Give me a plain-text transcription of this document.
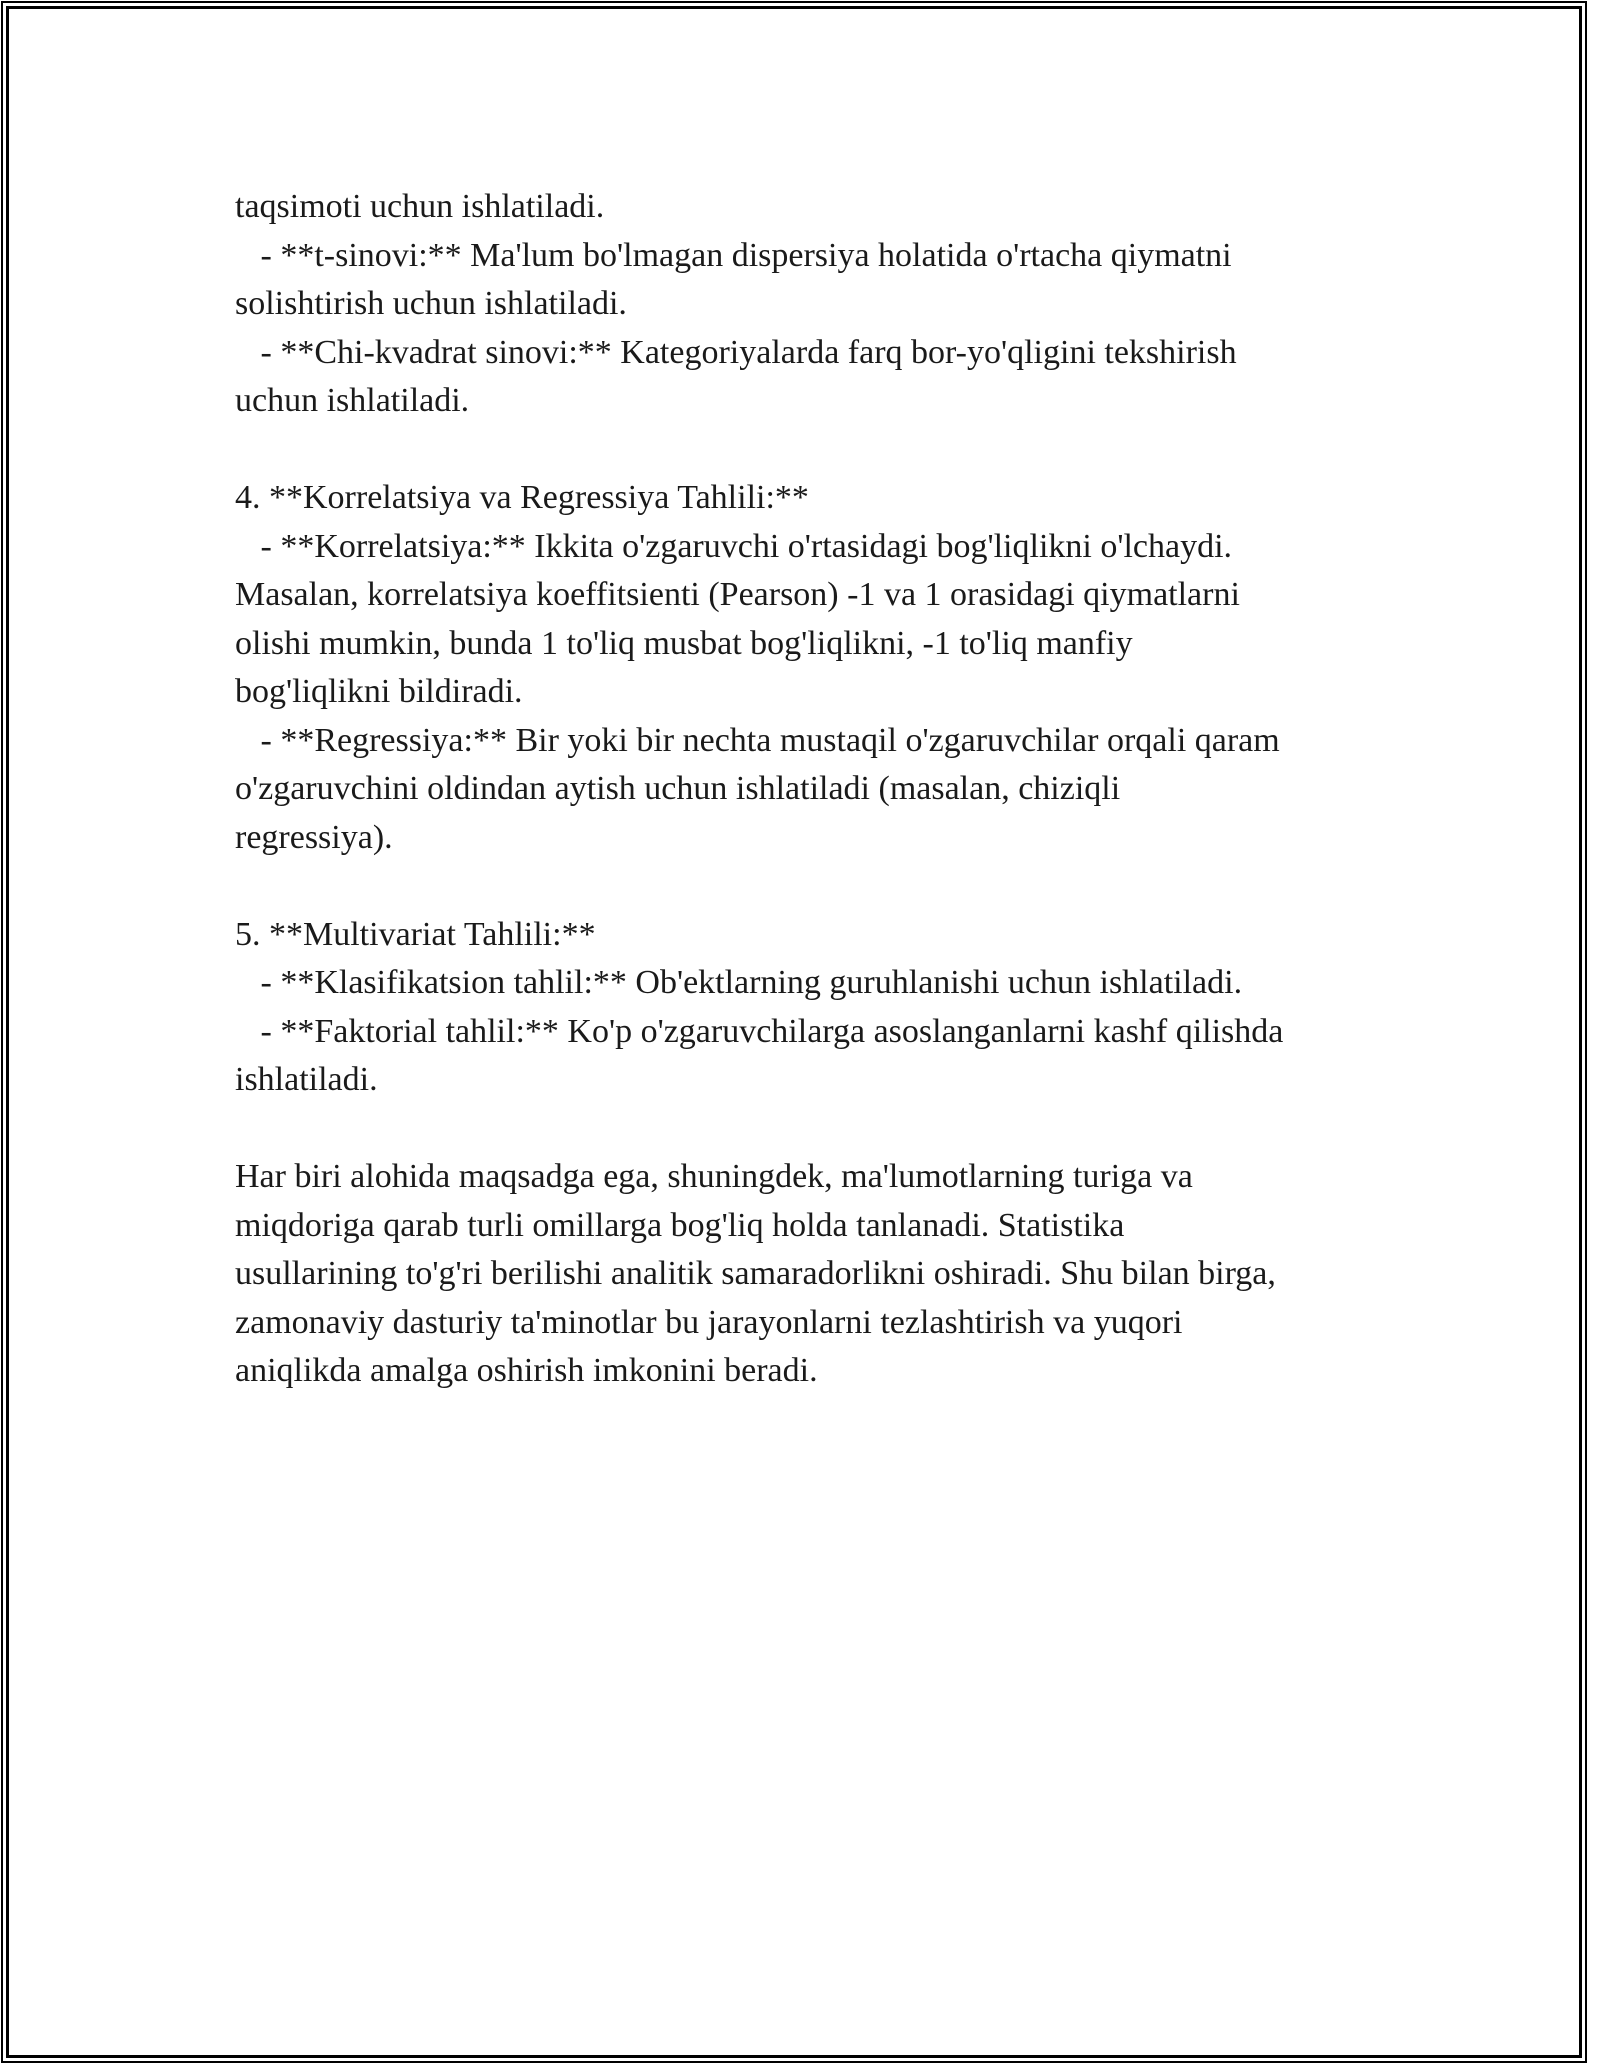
taqsimoti uchun ishlatiladi.
- **t-sinovi:** Ma'lum bo'lmagan dispersiya holatida o'rtacha qiymatni
solishtirish uchun ishlatiladi.
- **Chi-kvadrat sinovi:** Kategoriyalarda farq bor-yo'qligini tekshirish
uchun ishlatiladi.
4. **Korrelatsiya va Regressiya Tahlili:**
- **Korrelatsiya:** Ikkita o'zgaruvchi o'rtasidagi bog'liqlikni o'lchaydi.
Masalan, korrelatsiya koeffitsienti (Pearson) -1 va 1 orasidagi qiymatlarni
olishi mumkin, bunda 1 to'liq musbat bog'liqlikni, -1 to'liq manfiy
bog'liqlikni bildiradi.
- **Regressiya:** Bir yoki bir nechta mustaqil o'zgaruvchilar orqali qaram
o'zgaruvchini oldindan aytish uchun ishlatiladi (masalan, chiziqli
regressiya).
5. **Multivariat Tahlili:**
- **Klasifikatsion tahlil:** Ob'ektlarning guruhlanishi uchun ishlatiladi.
- **Faktorial tahlil:** Ko'p o'zgaruvchilarga asoslanganlarni kashf qilishda
ishlatiladi.
Har biri alohida maqsadga ega, shuningdek, ma'lumotlarning turiga va
miqdoriga qarab turli omillarga bog'liq holda tanlanadi. Statistika
usullarining to'g'ri berilishi analitik samaradorlikni oshiradi. Shu bilan birga,
zamonaviy dasturiy ta'minotlar bu jarayonlarni tezlashtirish va yuqori
aniqlikda amalga oshirish imkonini beradi.
